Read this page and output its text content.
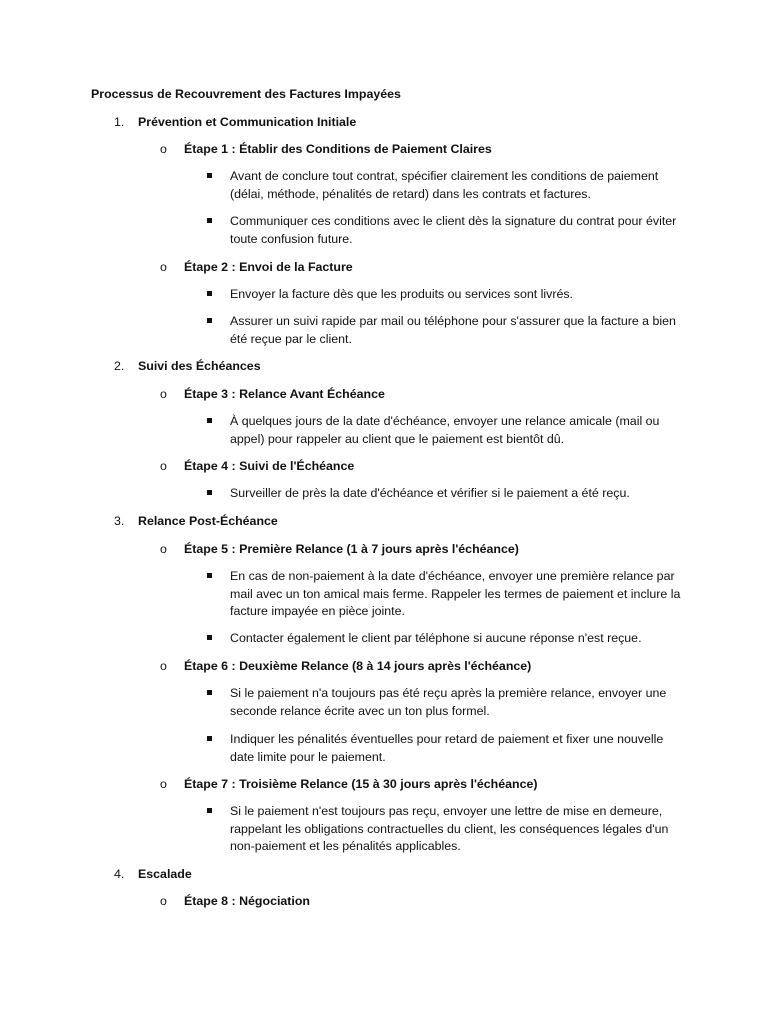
Processus de Recouvrement des Factures Impayées
1. Prévention et Communication Initiale
o Étape 1 : Établir des Conditions de Paiement Claires
Avant de conclure tout contrat, spécifier clairement les conditions de paiement (délai, méthode, pénalités de retard) dans les contrats et factures.
Communiquer ces conditions avec le client dès la signature du contrat pour éviter toute confusion future.
o Étape 2 : Envoi de la Facture
Envoyer la facture dès que les produits ou services sont livrés.
Assurer un suivi rapide par mail ou téléphone pour s'assurer que la facture a bien été reçue par le client.
2. Suivi des Échéances
o Étape 3 : Relance Avant Échéance
À quelques jours de la date d'échéance, envoyer une relance amicale (mail ou appel) pour rappeler au client que le paiement est bientôt dû.
o Étape 4 : Suivi de l'Échéance
Surveiller de près la date d'échéance et vérifier si le paiement a été reçu.
3. Relance Post-Échéance
o Étape 5 : Première Relance (1 à 7 jours après l'échéance)
En cas de non-paiement à la date d'échéance, envoyer une première relance par mail avec un ton amical mais ferme. Rappeler les termes de paiement et inclure la facture impayée en pièce jointe.
Contacter également le client par téléphone si aucune réponse n'est reçue.
o Étape 6 : Deuxième Relance (8 à 14 jours après l'échéance)
Si le paiement n'a toujours pas été reçu après la première relance, envoyer une seconde relance écrite avec un ton plus formel.
Indiquer les pénalités éventuelles pour retard de paiement et fixer une nouvelle date limite pour le paiement.
o Étape 7 : Troisième Relance (15 à 30 jours après l'échéance)
Si le paiement n'est toujours pas reçu, envoyer une lettre de mise en demeure, rappelant les obligations contractuelles du client, les conséquences légales d'un non-paiement et les pénalités applicables.
4. Escalade
o Étape 8 : Négociation
